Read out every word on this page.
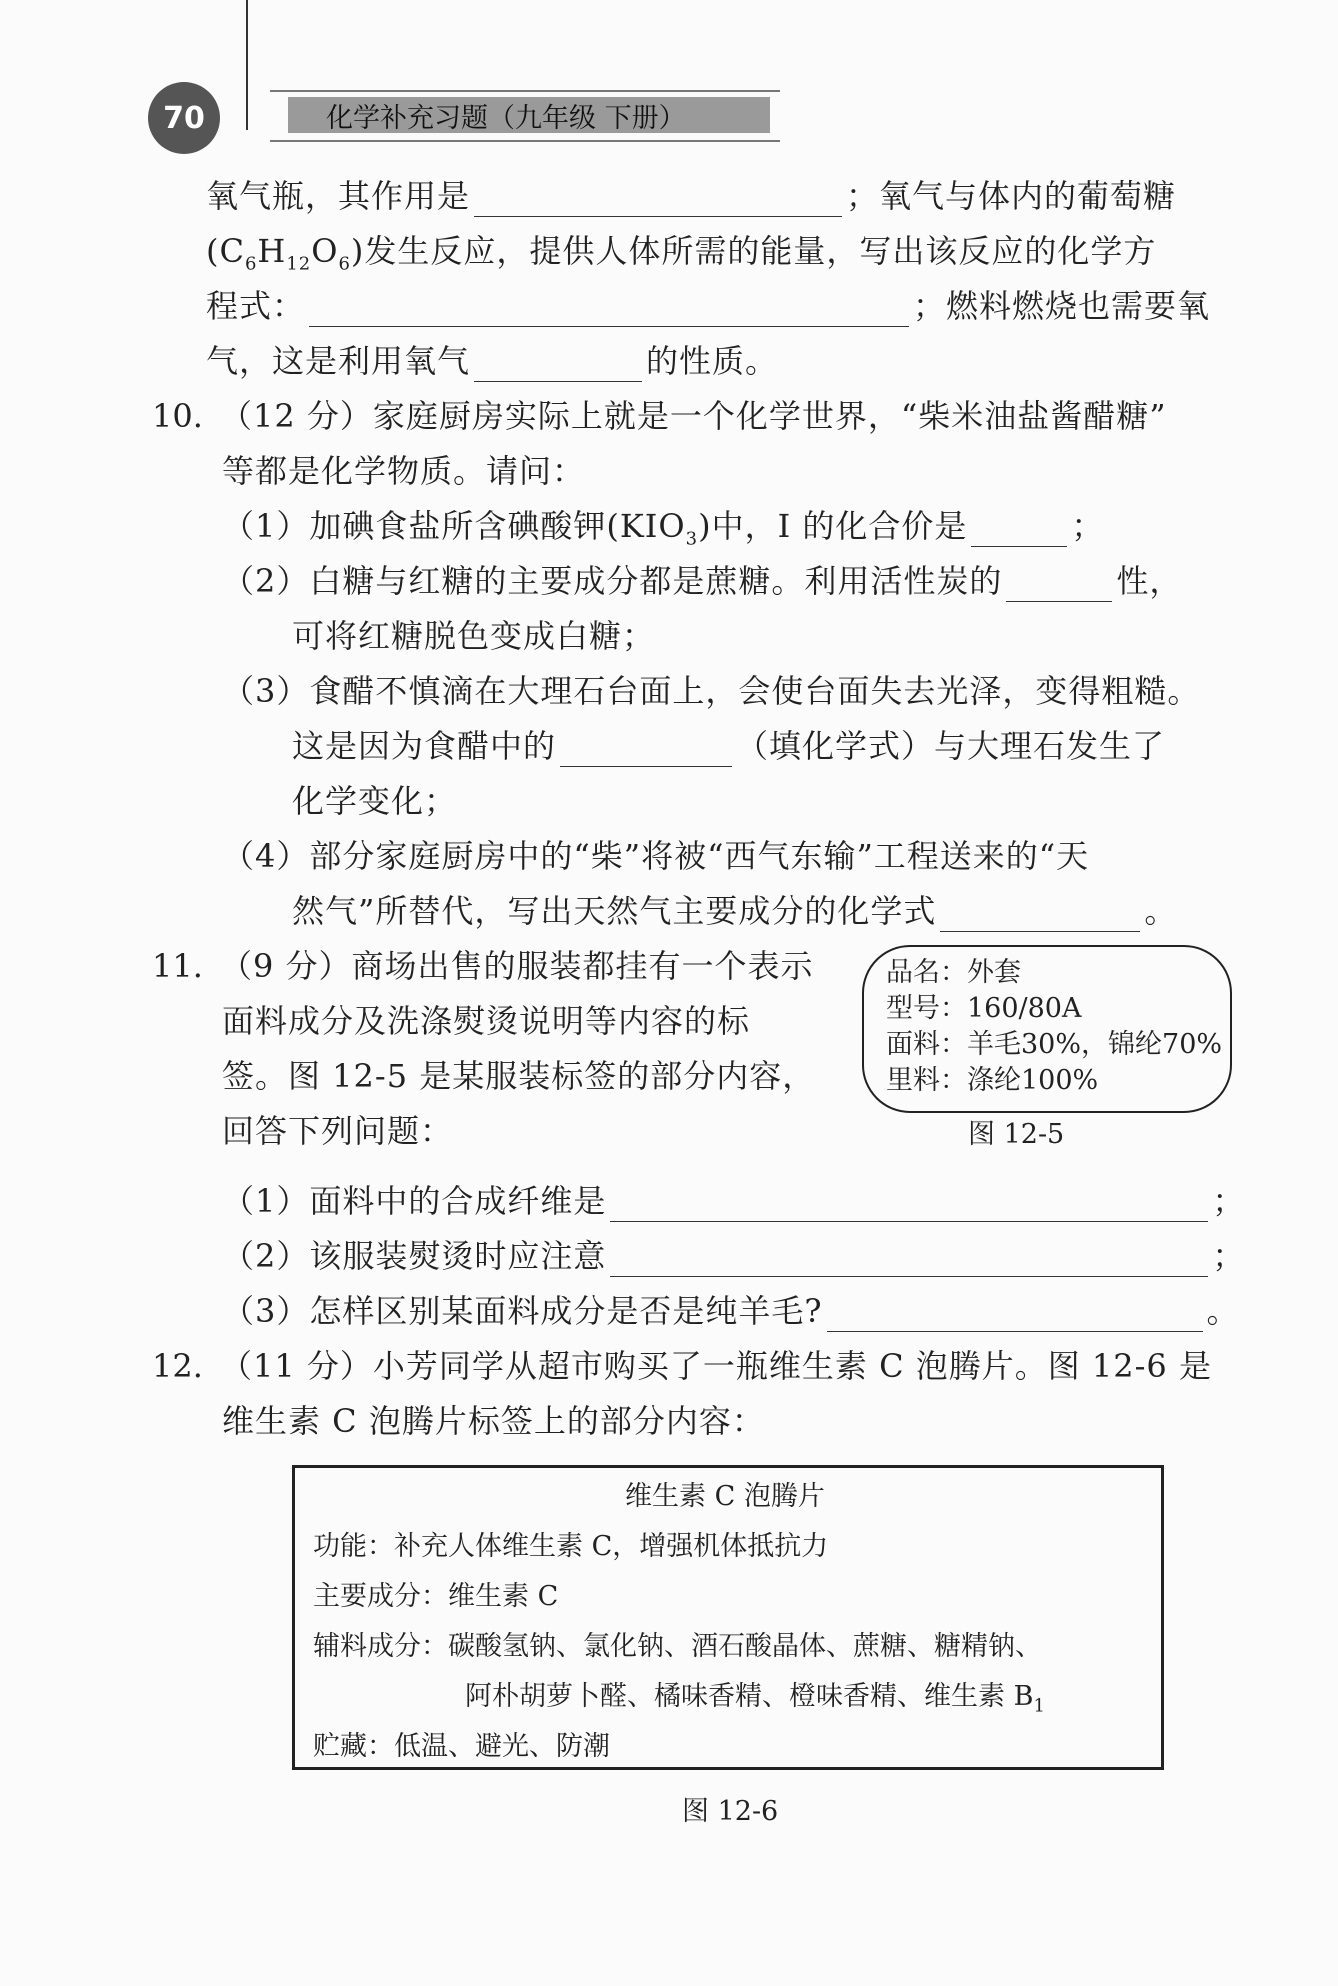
70	化学补充习题（九年级 下册）
氧气瓶，其作用是	；氧气与体内的葡萄糖
$(C_6H_{12}O_6)$发生反应，提供人体所需的能量，写出该反应的化学方
程式：	；燃料燃烧也需要氧
气，这是利用氧气	的性质。
10. （12 分）家庭厨房实际上就是一个化学世界，“柴米油盐酱醋糖”
等都是化学物质。请问：
（1）加碘食盐所含碘酸钾$(KIO_3)$中，I 的化合价是	；
（2）白糖与红糖的主要成分都是蔗糖。利用活性炭的	性，
可将红糖脱色变成白糖；
（3）食醋不慎滴在大理石台面上，会使台面失去光泽，变得粗糙。
这是因为食醋中的	（填化学式）与大理石发生了
化学变化；
（4）部分家庭厨房中的“柴”将被“西气东输”工程送来的“天
然气”所替代，写出天然气主要成分的化学式	。
11. （9 分）商场出售的服装都挂有一个表示
面料成分及洗涤熨烫说明等内容的标
签。图 12-5 是某服装标签的部分内容，
回答下列问题：
品名：外套
型号：160/80A
面料：羊毛30%，锦纶70%
里料：涤纶100%
图 12-5
（1）面料中的合成纤维是	；
（2）该服装熨烫时应注意	；
（3）怎样区别某面料成分是否是纯羊毛?	。
12. （11 分）小芳同学从超市购买了一瓶维生素 C 泡腾片。图 12-6 是
维生素 C 泡腾片标签上的部分内容：
维生素 C 泡腾片
功能：补充人体维生素 C，增强机体抵抗力
主要成分：维生素 C
辅料成分：碳酸氢钠、氯化钠、酒石酸晶体、蔗糖、糖精钠、
阿朴胡萝卜醛、橘味香精、橙味香精、维生素 $B_1$
贮藏：低温、避光、防潮
图 12-6
